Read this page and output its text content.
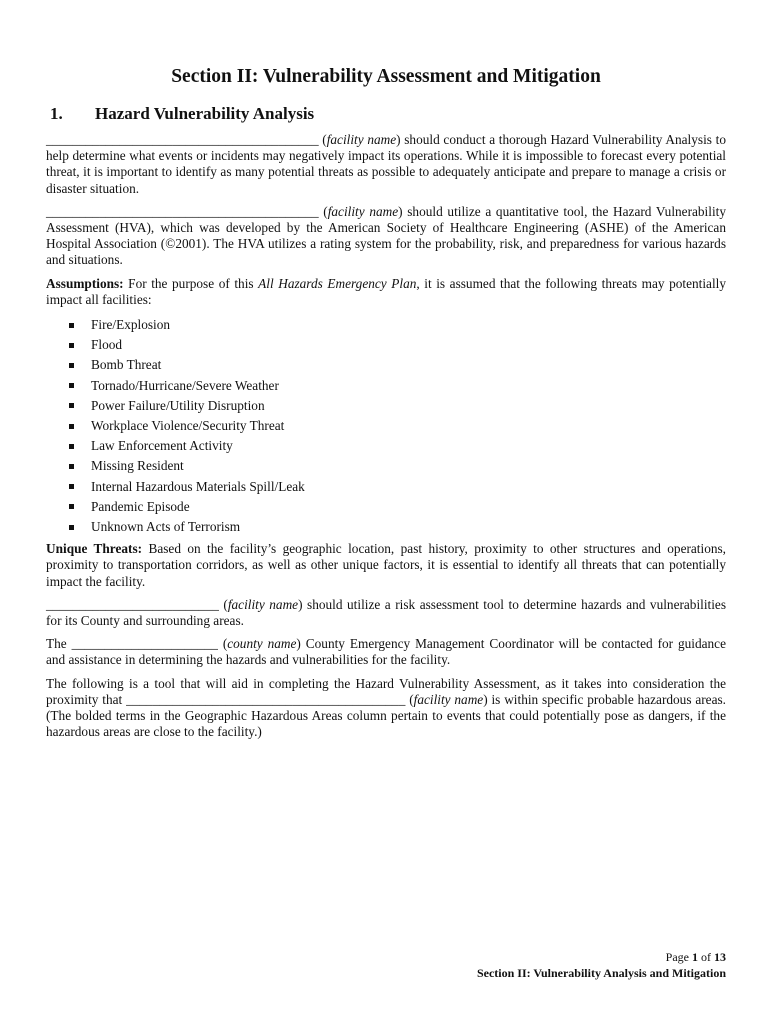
Section II: Vulnerability Assessment and Mitigation
1.	Hazard Vulnerability Analysis

_________________________________________ (facility name) should conduct a thorough Hazard Vulnerability Analysis to help determine what events or incidents may negatively impact its operations. While it is impossible to forecast every potential threat, it is important to identify as many potential threats as possible to adequately anticipate and prepare to manage a crisis or disaster situation.

_________________________________________ (facility name) should utilize a quantitative tool, the Hazard Vulnerability Assessment (HVA), which was developed by the American Society of Healthcare Engineering (ASHE) of the American Hospital Association (©2001). The HVA utilizes a rating system for the probability, risk, and preparedness for various hazards and situations.

Assumptions: For the purpose of this All Hazards Emergency Plan, it is assumed that the following threats may potentially impact all facilities:

Fire/Explosion
Flood
Bomb Threat
Tornado/Hurricane/Severe Weather
Power Failure/Utility Disruption
Workplace Violence/Security Threat
Law Enforcement Activity
Missing Resident
Internal Hazardous Materials Spill/Leak
Pandemic Episode
Unknown Acts of Terrorism

Unique Threats: Based on the facility’s geographic location, past history, proximity to other structures and operations, proximity to transportation corridors, as well as other unique factors, it is essential to identify all threats that can potentially impact the facility.

__________________________ (facility name) should utilize a risk assessment tool to determine hazards and vulnerabilities for its County and surrounding areas.

The ______________________ (county name) County Emergency Management Coordinator will be contacted for guidance and assistance in determining the hazards and vulnerabilities for the facility.

The following is a tool that will aid in completing the Hazard Vulnerability Assessment, as it takes into consideration the proximity that __________________________________________ (facility name) is within specific probable hazardous areas. (The bolded terms in the Geographic Hazardous Areas column pertain to events that could potentially pose as dangers, if the hazardous areas are close to the facility.)

Page 1 of 13
Section II: Vulnerability Analysis and Mitigation
